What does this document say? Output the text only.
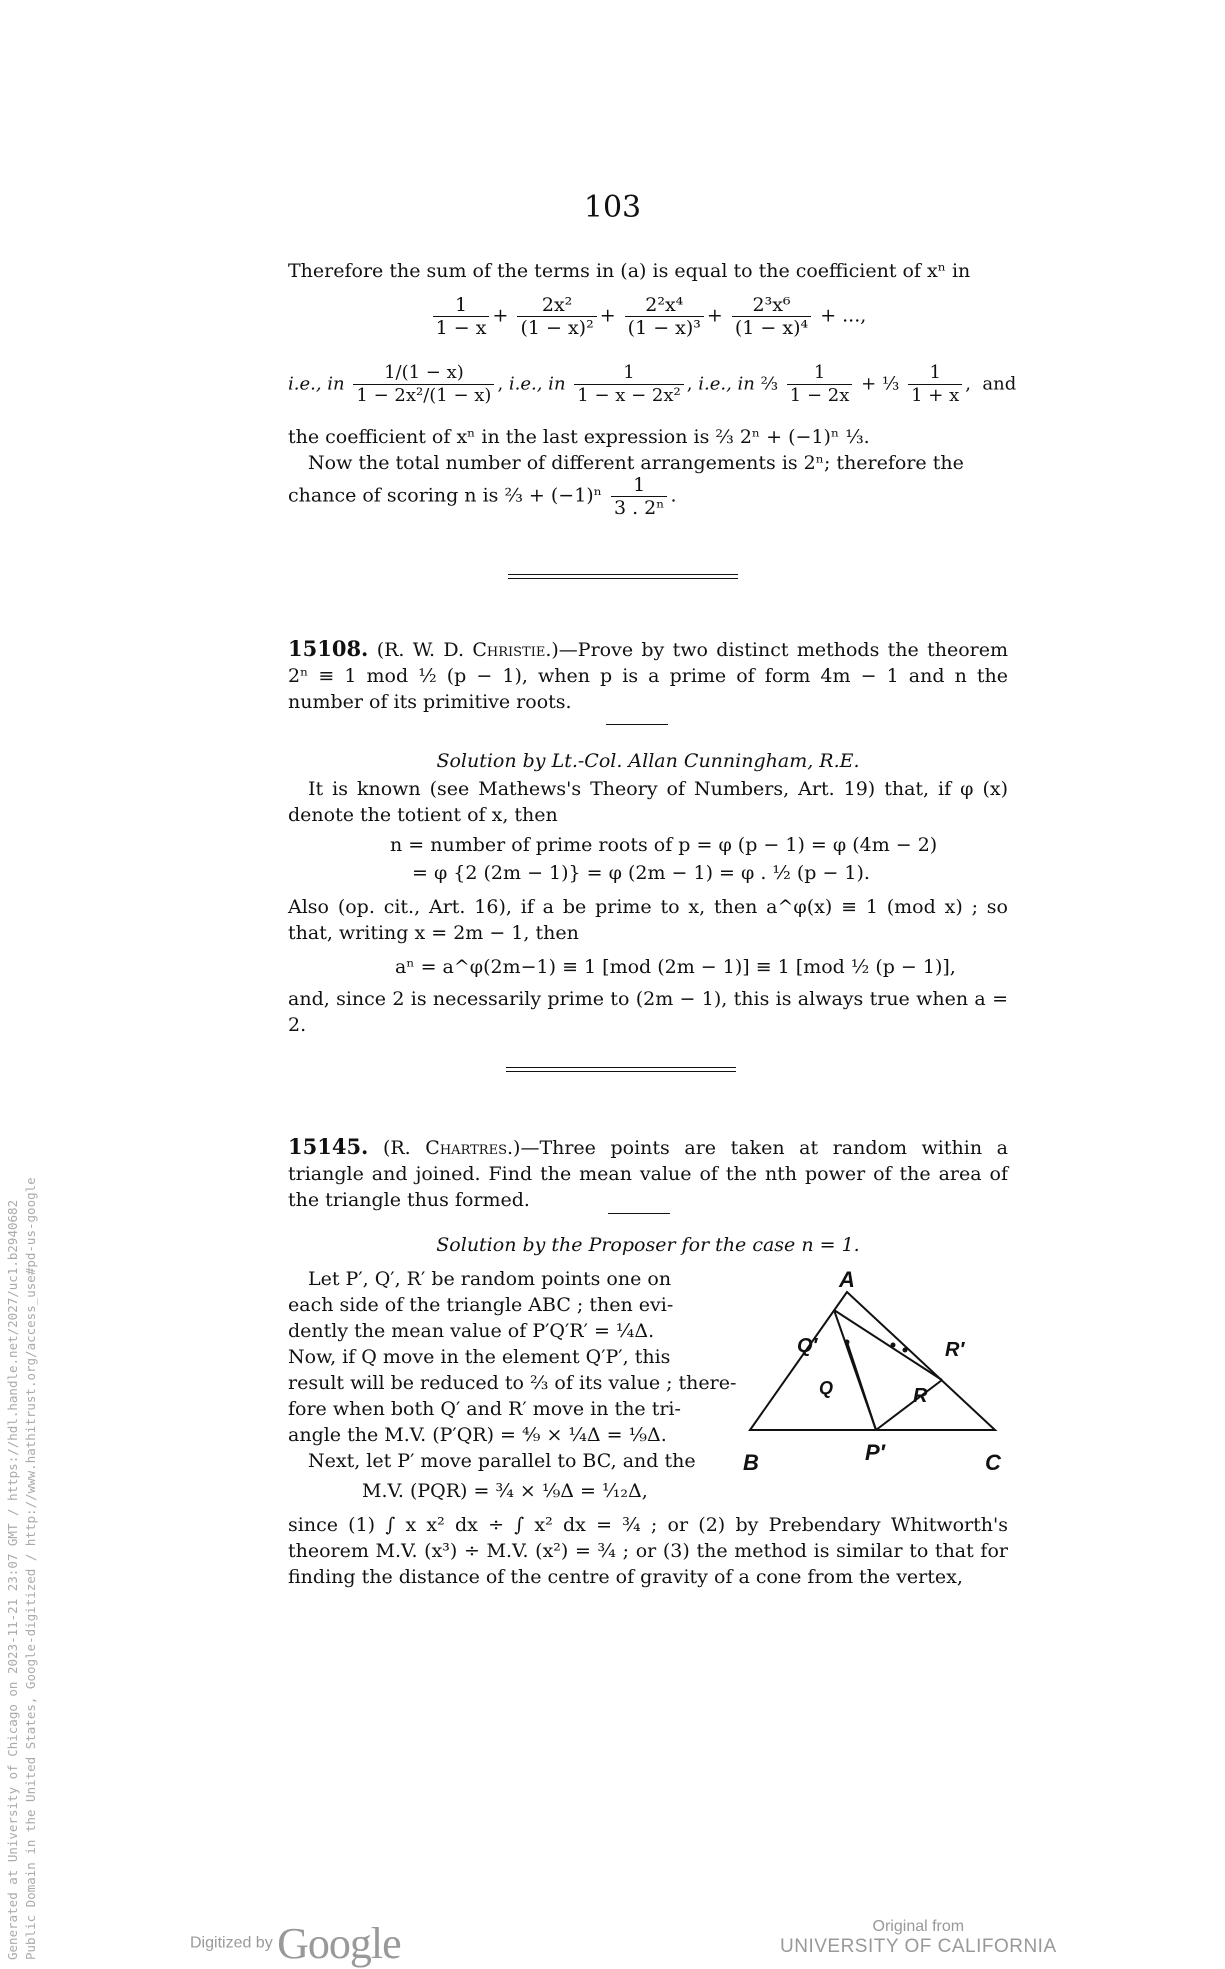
103
Therefore the sum of the terms in (a) is equal to the coefficient of xⁿ in
$\frac{1}{1 - x} + \frac{\text{2x²}}{\text{(1 − x)²}} + \frac{\text{2²x⁴}}{\text{(1 − x)³}} + \frac{\text{2³x⁶}}{\text{(1 − x)⁴}}$ + ...,
i.e., in $\frac{1/(1 - x)}{\text{1 − 2x²/(1 − x)}}$ , i.e., in $\frac{1}{\text{1 − x − 2x²}}$ , i.e., in ⅔ $\frac{1}{1 - 2x}$ + ⅓ $\frac{1}{1 + x}$ ,  and
the coefficient of xⁿ in the last expression is ⅔ 2ⁿ + (−1)ⁿ ⅓.
Now the total number of different arrangements is 2ⁿ; therefore the
chance of scoring n is ⅔ + $(-1)^n \frac{1}{\text{3 . 2ⁿ}}$ .
15108. (R. W. D. Christie.)—Prove by two distinct methods the theorem 2ⁿ ≡ 1 mod ½ (p − 1), when p is a prime of form 4m − 1 and n the number of its primitive roots.
Solution by Lt.-Col. Allan Cunningham, R.E.
It is known (see Mathews's Theory of Numbers, Art. 19) that, if φ (x) denote the totient of x, then
n = number of prime roots of p = φ (p − 1) = φ (4m − 2)
= φ {2 (2m − 1)} = φ (2m − 1) = φ . ½ (p − 1).
Also (op. cit., Art. 16), if a be prime to x, then a^φ(x) ≡ 1 (mod x) ; so that, writing x = 2m − 1, then
aⁿ = a^φ(2m−1) ≡ 1 [mod (2m − 1)] ≡ 1 [mod ½ (p − 1)],
and, since 2 is necessarily prime to (2m − 1), this is always true when a = 2.
15145. (R. Chartres.)—Three points are taken at random within a triangle and joined. Find the mean value of the nth power of the area of the triangle thus formed.
Solution by the Proposer for the case n = 1.
Let P′, Q′, R′ be random points one on
each side of the triangle ABC ; then evi-
dently the mean value of P′Q′R′ = ¼Δ.
Now, if Q move in the element Q′P′, this
result will be reduced to ⅔ of its value ; there-
fore when both Q′ and R′ move in the tri-
angle the M.V. (P′QR) = ⁴⁄₉ × ¼Δ = ⅑Δ.
Next, let P′ move parallel to BC, and the
M.V. (PQR) = ¾ × ⅑Δ = ¹⁄₁₂Δ,
since (1) ∫ x x² dx ÷ ∫ x² dx = ¾ ; or (2) by Prebendary Whitworth's theorem M.V. (x³) ÷ M.V. (x²) = ¾ ; or (3) the method is similar to that for finding the distance of the centre of gravity of a cone from the vertex,
A
B	C
P′
Q′
Q	R
R′
Generated at University of Chicago on 2023-11-21 23:07 GMT / https://hdl.handle.net/2027/uc1.b2940682 Public Domain in the United States, Google-digitized / http://www.hathitrust.org/access_use#pd-us-google	Digitized by Google	Original from
UNIVERSITY OF CALIFORNIA
